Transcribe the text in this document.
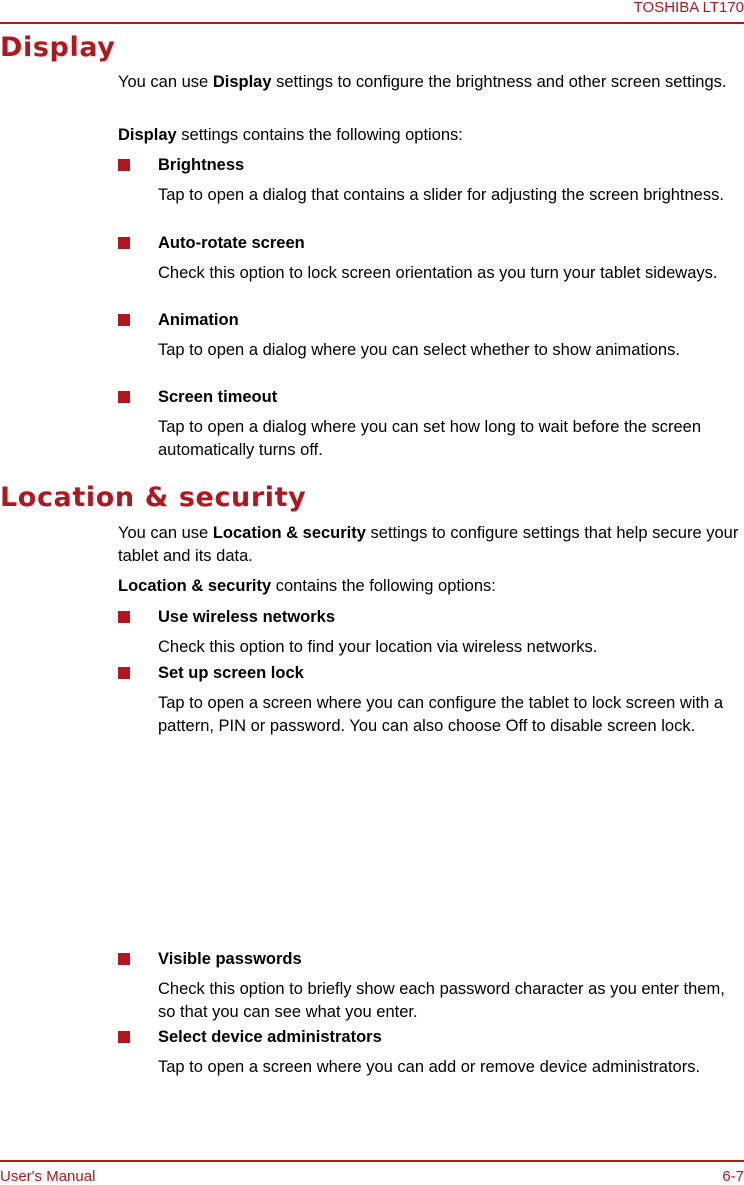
TOSHIBA LT170
Display

You can use Display settings to configure the brightness and other screen settings.

Display settings contains the following options:

Brightness

Tap to open a dialog that contains a slider for adjusting the screen brightness.

Auto-rotate screen

Check this option to lock screen orientation as you turn your tablet sideways.

Animation

Tap to open a dialog where you can select whether to show animations.

Screen timeout

Tap to open a dialog where you can set how long to wait before the screen automatically turns off.

Location & security

You can use Location & security settings to configure settings that help secure your tablet and its data.

Location & security contains the following options:

Use wireless networks

Check this option to find your location via wireless networks.

Set up screen lock

Tap to open a screen where you can configure the tablet to lock screen with a pattern, PIN or password. You can also choose Off to disable screen lock.

Visible passwords

Check this option to briefly show each password character as you enter them, so that you can see what you enter.

Select device administrators

Tap to open a screen where you can add or remove device administrators.

User's Manual	6-7
